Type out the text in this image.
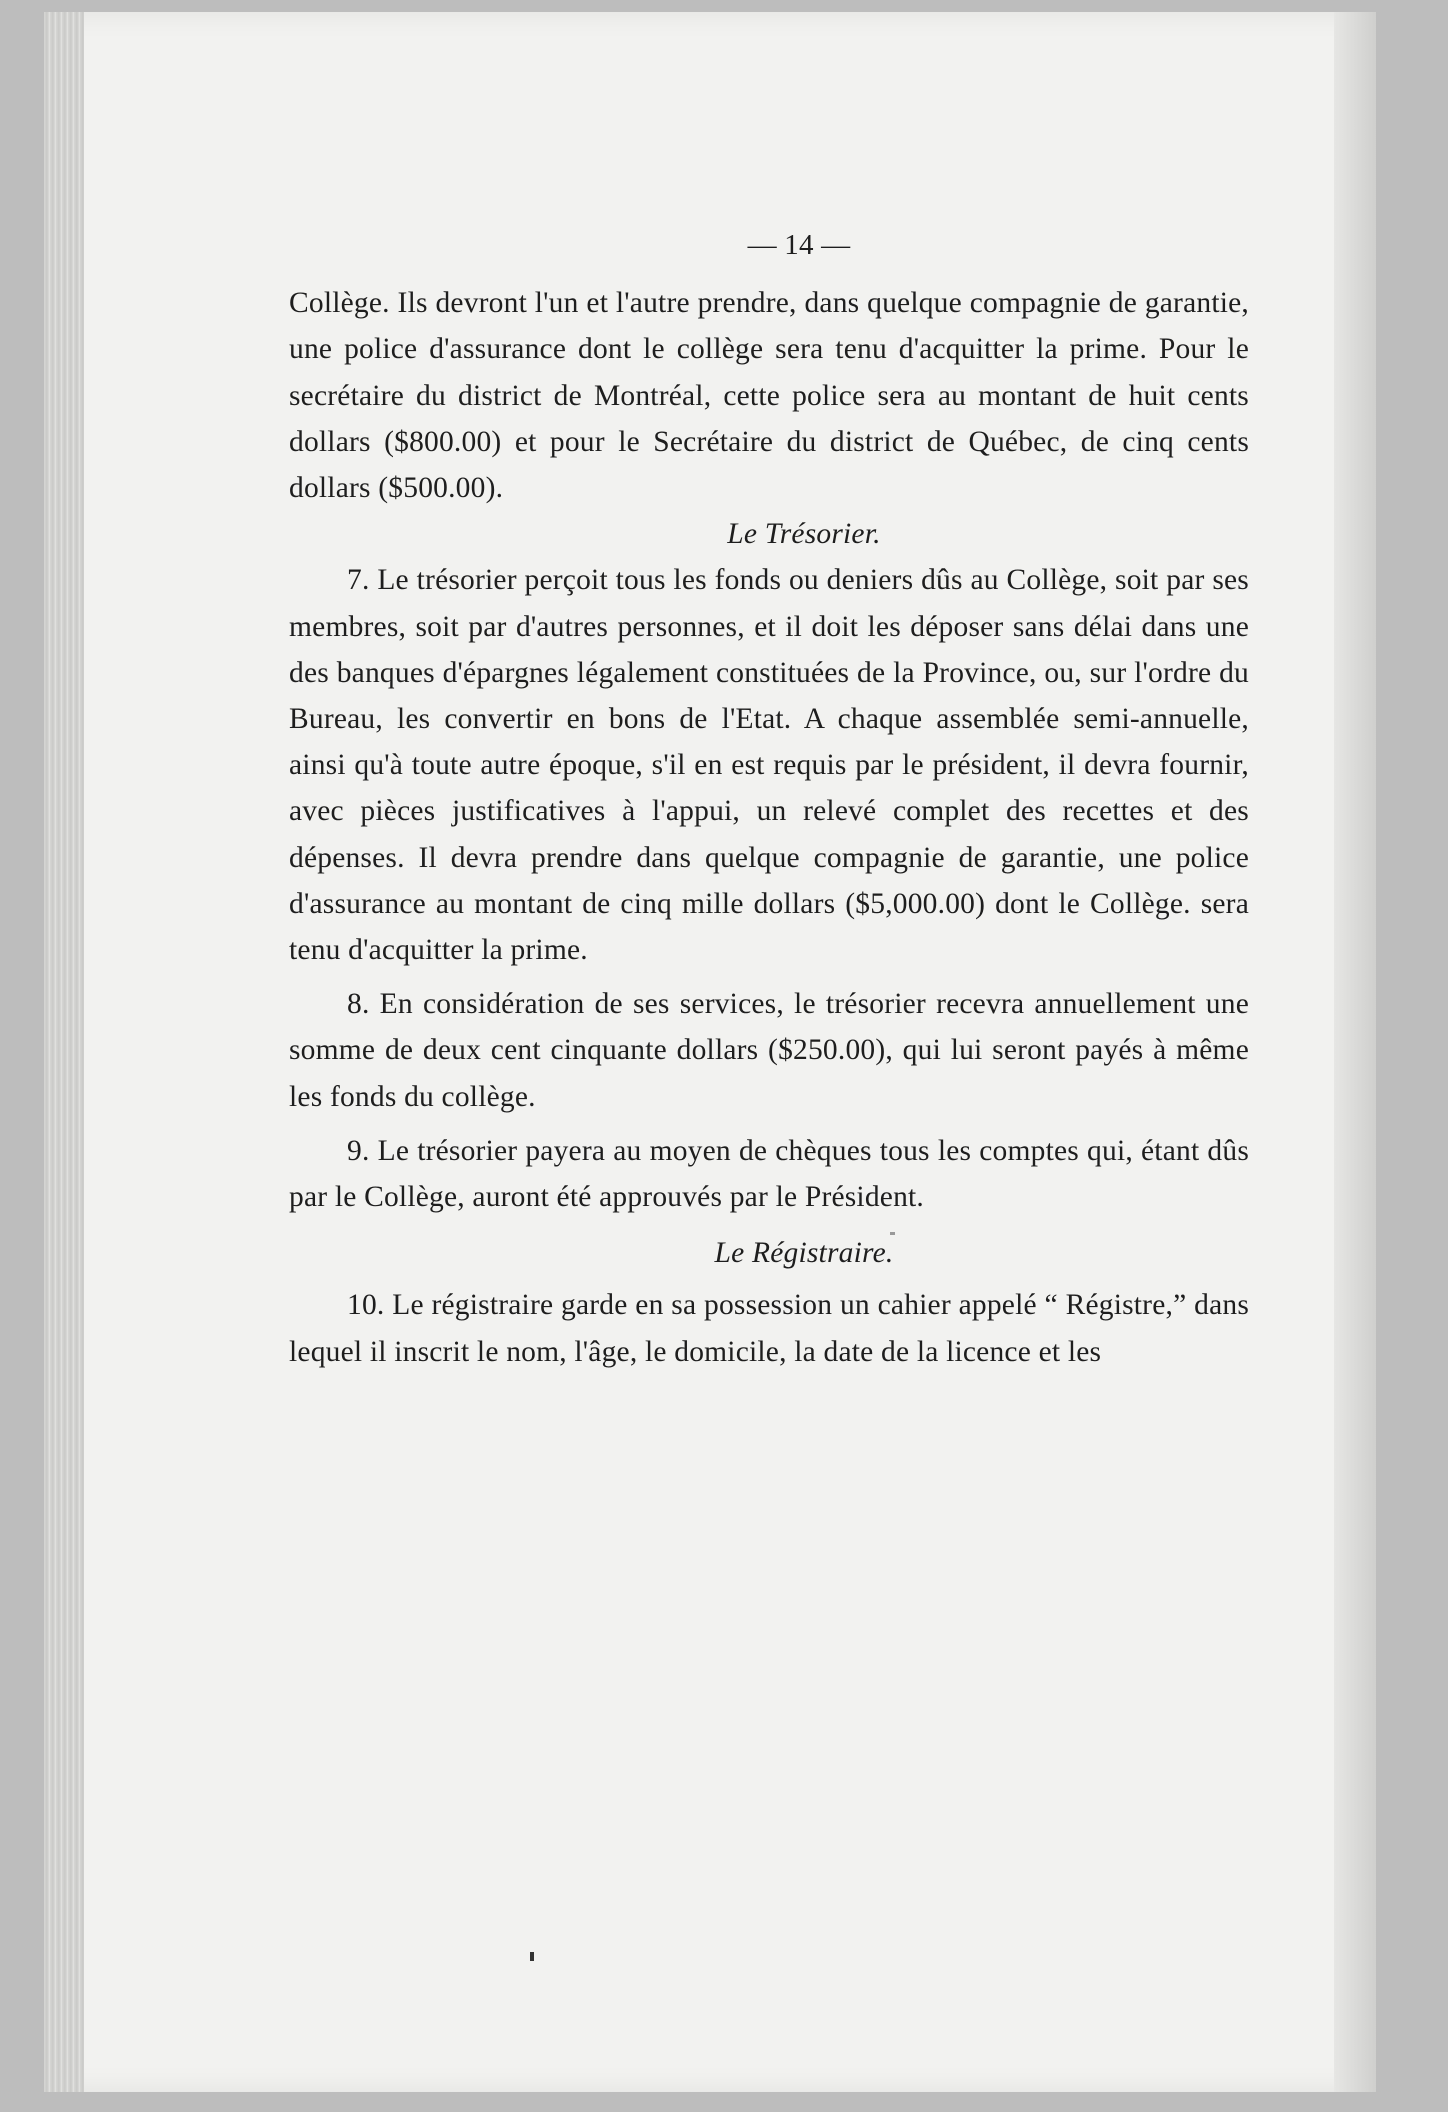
— 14 —

Collège. Ils devront l'un et l'autre prendre, dans quelque compagnie de garantie, une police d'assurance dont le collège sera tenu d'acquitter la prime. Pour le secrétaire du district de Montréal, cette police sera au montant de huit cents dollars ($800.00) et pour le Secrétaire du district de Québec, de cinq cents dollars ($500.00).

Le Trésorier.

7. Le trésorier perçoit tous les fonds ou deniers dûs au Collège, soit par ses membres, soit par d'autres personnes, et il doit les déposer sans délai dans une des banques d'épargnes légalement constituées de la Province, ou, sur l'ordre du Bureau, les convertir en bons de l'Etat. A chaque assemblée semi-annuelle, ainsi qu'à toute autre époque, s'il en est requis par le président, il devra fournir, avec pièces justificatives à l'appui, un relevé complet des recettes et des dépenses. Il devra prendre dans quelque compagnie de garantie, une police d'assurance au montant de cinq mille dollars ($5,000.00) dont le Collège. sera tenu d'acquitter la prime.

8. En considération de ses services, le trésorier recevra annuellement une somme de deux cent cinquante dollars ($250.00), qui lui seront payés à même les fonds du collège.

9. Le trésorier payera au moyen de chèques tous les comptes qui, étant dûs par le Collège, auront été approuvés par le Président.

Le Régistraire.

10. Le régistraire garde en sa possession un cahier appelé “ Régistre,” dans lequel il inscrit le nom, l'âge, le domicile, la date de la licence et les
